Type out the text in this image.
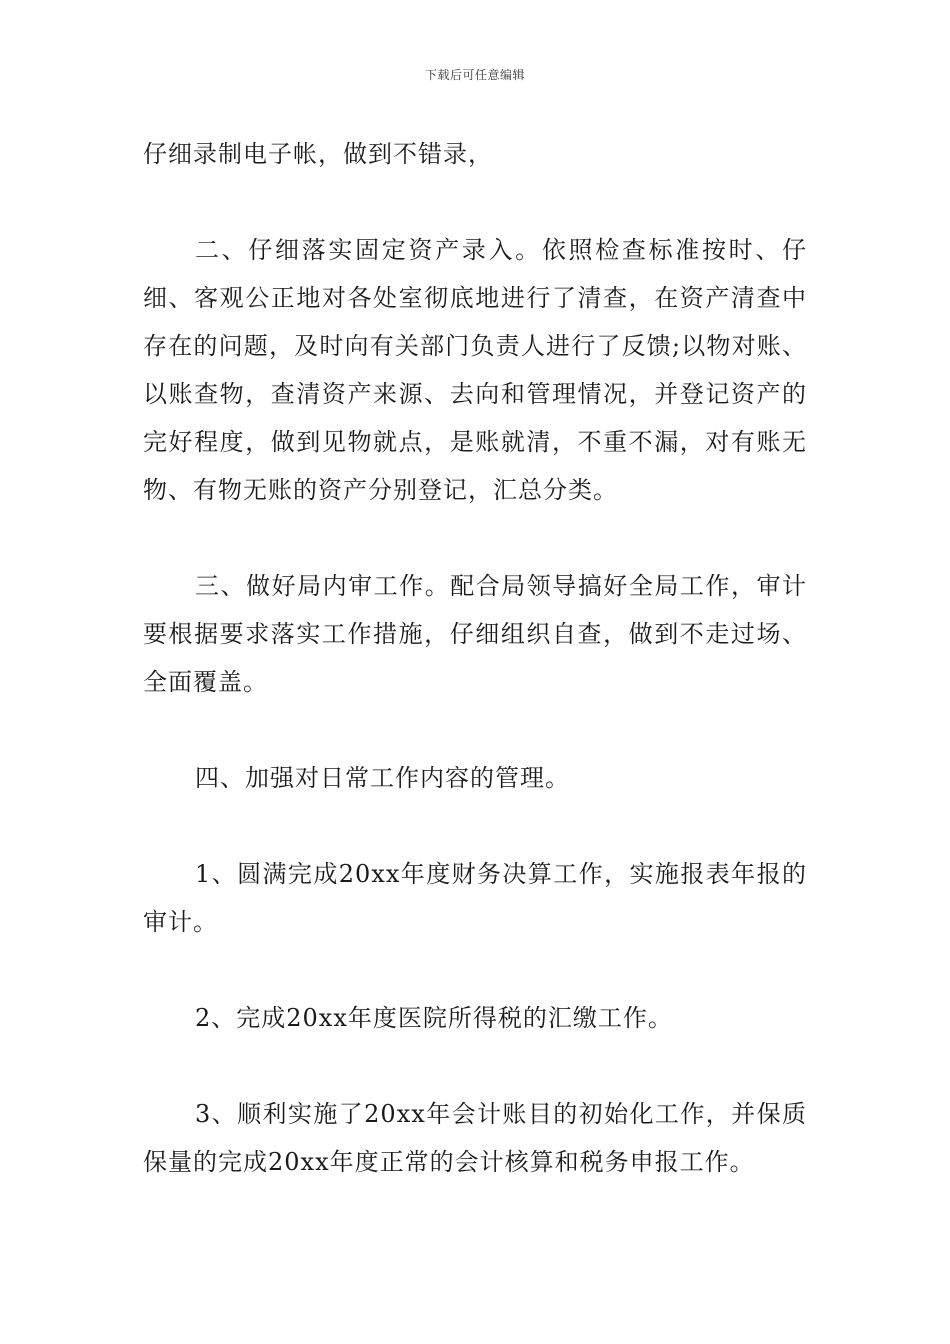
下载后可任意编辑

仔细录制电子帐，做到不错录，

二、仔细落实固定资产录入。依照检查标准按时、仔细、客观公正地对各处室彻底地进行了清查，在资产清查中存在的问题，及时向有关部门负责人进行了反馈;以物对账、以账查物，查清资产来源、去向和管理情况，并登记资产的完好程度，做到见物就点，是账就清，不重不漏，对有账无物、有物无账的资产分别登记，汇总分类。

三、做好局内审工作。配合局领导搞好全局工作，审计要根据要求落实工作措施，仔细组织自查，做到不走过场、全面覆盖。

四、加强对日常工作内容的管理。

1、圆满完成20xx年度财务决算工作，实施报表年报的审计。

2、完成20xx年度医院所得税的汇缴工作。

3、顺利实施了20xx年会计账目的初始化工作，并保质保量的完成20xx年度正常的会计核算和税务申报工作。
